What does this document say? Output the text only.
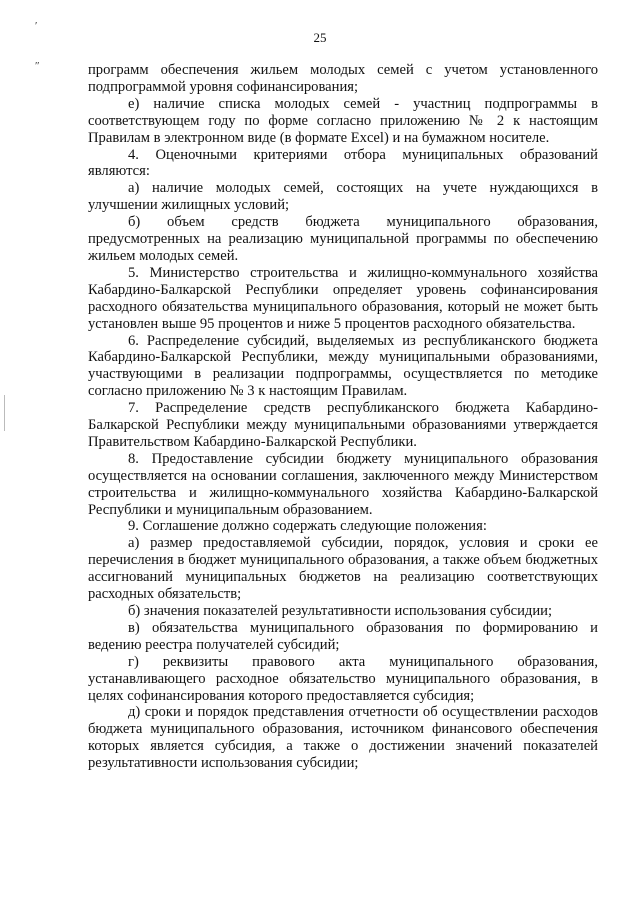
′
″
25

программ обеспечения жильем молодых семей с учетом установленного подпрограммой уровня софинансирования;

е) наличие списка молодых семей - участниц подпрограммы в соответствующем году по форме согласно приложению № 2 к настоящим Правилам в электронном виде (в формате Excel) и на бумажном носителе.

4. Оценочными критериями отбора муниципальных образований являются:

а) наличие молодых семей, состоящих на учете нуждающихся в улучшении жилищных условий;

б) объем средств бюджета муниципального образования, предусмотренных на реализацию муниципальной программы по обеспечению жильем молодых семей.

5. Министерство строительства и жилищно-коммунального хозяйства Кабардино-Балкарской Республики определяет уровень софинансирования расходного обязательства муниципального образования, который не может быть установлен выше 95 процентов и ниже 5 процентов расходного обязательства.

6. Распределение субсидий, выделяемых из республиканского бюджета Кабардино-Балкарской Республики, между муниципальными образованиями, участвующими в реализации подпрограммы, осуществляется по методике согласно приложению № 3 к настоящим Правилам.

7. Распределение средств республиканского бюджета Кабардино-Балкарской Республики между муниципальными образованиями утверждается Правительством Кабардино-Балкарской Республики.

8. Предоставление субсидии бюджету муниципального образования осуществляется на основании соглашения, заключенного между Министерством строительства и жилищно-коммунального хозяйства Кабардино-Балкарской Республики и муниципальным образованием.

9. Соглашение должно содержать следующие положения:

а) размер предоставляемой субсидии, порядок, условия и сроки ее перечисления в бюджет муниципального образования, а также объем бюджетных ассигнований муниципальных бюджетов на реализацию соответствующих расходных обязательств;

б) значения показателей результативности использования субсидии;

в) обязательства муниципального образования по формированию и ведению реестра получателей субсидий;

г) реквизиты правового акта муниципального образования, устанавливающего расходное обязательство муниципального образования, в целях софинансирования которого предоставляется субсидия;

д) сроки и порядок представления отчетности об осуществлении расходов бюджета муниципального образования, источником финансового обеспечения которых является субсидия, а также о достижении значений показателей результативности использования субсидии;
